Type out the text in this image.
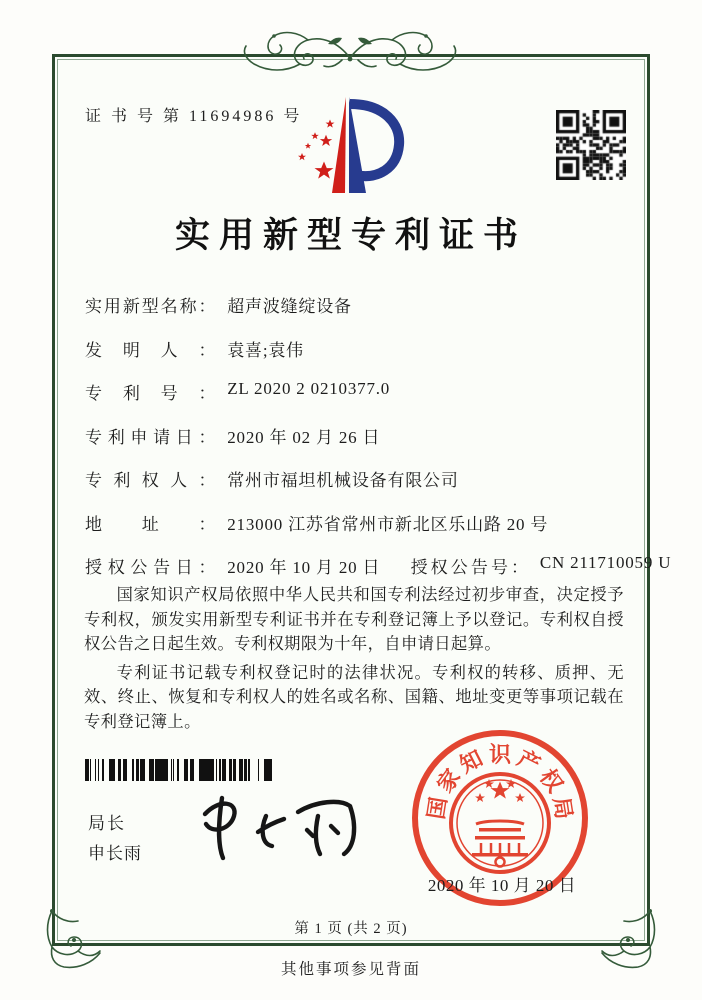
证 书 号 第 11694986 号
实用新型专利证书
实用新型名称： 超声波缝绽设备
发明人： 袁喜;袁伟
专利号： ZL 2020 2 0210377.0
专利申请日： 2020 年 02 月 26 日
专利权人： 常州市福坦机械设备有限公司
地址： 213000 江苏省常州市新北区乐山路 20 号
授权公告日： 2020 年 10 月 20 日 授权公告号： CN 211710059 U

国家知识产权局依照中华人民共和国专利法经过初步审查，决定授予专利权，颁发实用新型专利证书并在专利登记簿上予以登记。专利权自授权公告之日起生效。专利权期限为十年，自申请日起算。

专利证书记载专利权登记时的法律状况。专利权的转移、质押、无效、终止、恢复和专利权人的姓名或名称、国籍、地址变更等事项记载在专利登记簿上。

局长
申长雨
国
家
知 识 产
权
局
2020 年 10 月 20 日
第 1 页 (共 2 页)
其他事项参见背面
